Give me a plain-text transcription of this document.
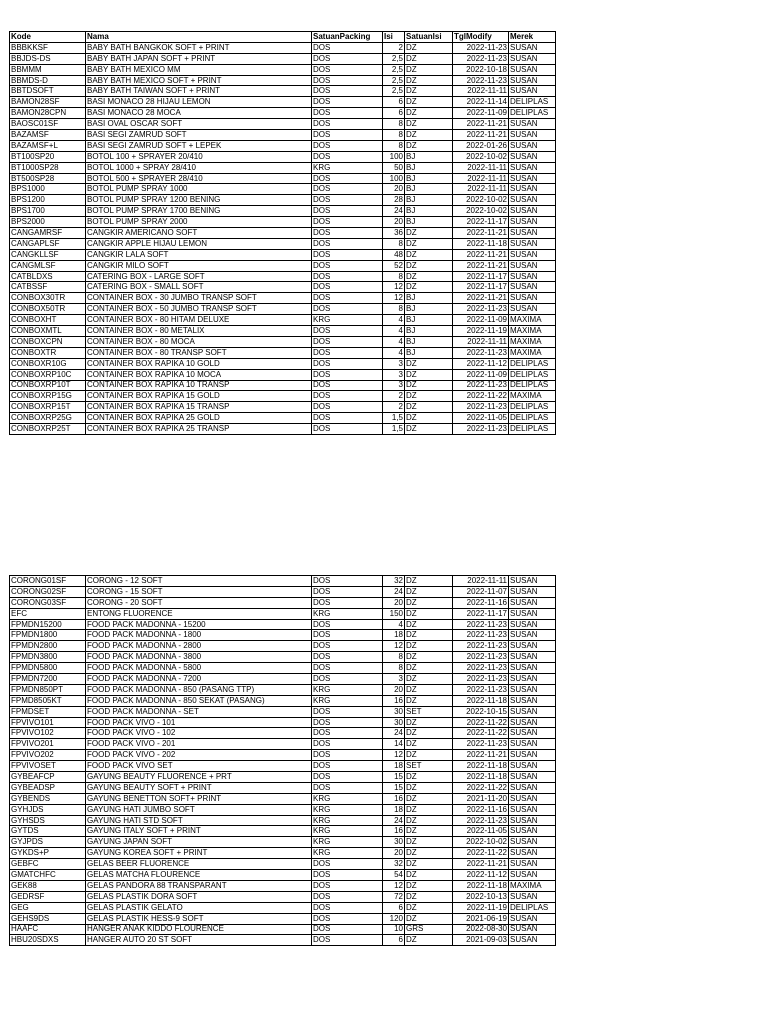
Kode	Nama	SatuanPacking	Isi	SatuanIsi	TglModify	Merek
BBBKKSF	BABY BATH BANGKOK SOFT + PRINT	DOS	2	DZ	2022-11-23	SUSAN
BBJDS-DS	BABY BATH JAPAN SOFT + PRINT	DOS	2,5	DZ	2022-11-23	SUSAN
BBMMM	BABY BATH MEXICO MM	DOS	2,5	DZ	2022-10-18	SUSAN
BBMDS-D	BABY BATH MEXICO SOFT + PRINT	DOS	2,5	DZ	2022-11-23	SUSAN
BBTDSOFT	BABY BATH TAIWAN SOFT + PRINT	DOS	2,5	DZ	2022-11-11	SUSAN
BAMON28SF	BASI MONACO 28 HIJAU LEMON	DOS	6	DZ	2022-11-14	DELIPLAS
BAMON28CPN	BASI MONACO 28 MOCA	DOS	6	DZ	2022-11-09	DELIPLAS
BAOSC01SF	BASI OVAL OSCAR SOFT	DOS	8	DZ	2022-11-21	SUSAN
BAZAMSF	BASI SEGI ZAMRUD SOFT	DOS	8	DZ	2022-11-21	SUSAN
BAZAMSF+L	BASI SEGI ZAMRUD SOFT + LEPEK	DOS	8	DZ	2022-01-26	SUSAN
BT100SP20	BOTOL 100 + SPRAYER 20/410	DOS	100	BJ	2022-10-02	SUSAN
BT1000SP28	BOTOL 1000 + SPRAY 28/410	KRG	50	BJ	2022-11-11	SUSAN
BT500SP28	BOTOL 500 + SPRAYER 28/410	DOS	100	BJ	2022-11-11	SUSAN
BPS1000	BOTOL PUMP SPRAY 1000	DOS	20	BJ	2022-11-11	SUSAN
BPS1200	BOTOL PUMP SPRAY 1200 BENING	DOS	28	BJ	2022-10-02	SUSAN
BPS1700	BOTOL PUMP SPRAY 1700 BENING	DOS	24	BJ	2022-10-02	SUSAN
BPS2000	BOTOL PUMP SPRAY 2000	DOS	20	BJ	2022-11-17	SUSAN
CANGAMRSF	CANGKIR AMERICANO SOFT	DOS	36	DZ	2022-11-21	SUSAN
CANGAPLSF	CANGKIR APPLE HIJAU LEMON	DOS	8	DZ	2022-11-18	SUSAN
CANGKLLSF	CANGKIR LALA SOFT	DOS	48	DZ	2022-11-21	SUSAN
CANGMLSF	CANGKIR MILO SOFT	DOS	52	DZ	2022-11-21	SUSAN
CATBLDXS	CATERING BOX - LARGE SOFT	DOS	8	DZ	2022-11-17	SUSAN
CATBSSF	CATERING BOX - SMALL SOFT	DOS	12	DZ	2022-11-17	SUSAN
CONBOX30TR	CONTAINER BOX - 30 JUMBO TRANSP SOFT	DOS	12	BJ	2022-11-21	SUSAN
CONBOX50TR	CONTAINER BOX - 50 JUMBO TRANSP SOFT	DOS	8	BJ	2022-11-23	SUSAN
CONBOXHT	CONTAINER BOX - 80 HITAM DELUXE	KRG	4	BJ	2022-11-09	MAXIMA
CONBOXMTL	CONTAINER BOX - 80 METALIX	DOS	4	BJ	2022-11-19	MAXIMA
CONBOXCPN	CONTAINER BOX - 80 MOCA	DOS	4	BJ	2022-11-11	MAXIMA
CONBOXTR	CONTAINER BOX - 80 TRANSP SOFT	DOS	4	BJ	2022-11-23	MAXIMA
CONBOXR10G	CONTAINER BOX RAPIKA 10 GOLD	DOS	3	DZ	2022-11-12	DELIPLAS
CONBOXRP10C	CONTAINER BOX RAPIKA 10 MOCA	DOS	3	DZ	2022-11-09	DELIPLAS
CONBOXRP10T	CONTAINER BOX RAPIKA 10 TRANSP	DOS	3	DZ	2022-11-23	DELIPLAS
CONBOXRP15G	CONTAINER BOX RAPIKA 15 GOLD	DOS	2	DZ	2022-11-22	MAXIMA
CONBOXRP15T	CONTAINER BOX RAPIKA 15 TRANSP	DOS	2	DZ	2022-11-23	DELIPLAS
CONBOXRP25G	CONTAINER BOX RAPIKA 25 GOLD	DOS	1,5	DZ	2022-11-05	DELIPLAS
CONBOXRP25T	CONTAINER BOX RAPIKA 25 TRANSP	DOS	1,5	DZ	2022-11-23	DELIPLAS
CORONG01SF	CORONG - 12 SOFT	DOS	32	DZ	2022-11-11	SUSAN
CORONG02SF	CORONG - 15 SOFT	DOS	24	DZ	2022-11-07	SUSAN
CORONG03SF	CORONG - 20 SOFT	DOS	20	DZ	2022-11-16	SUSAN
EFC	ENTONG FLUORENCE	KRG	150	DZ	2022-11-17	SUSAN
FPMDN15200	FOOD PACK MADONNA - 15200	DOS	4	DZ	2022-11-23	SUSAN
FPMDN1800	FOOD PACK MADONNA - 1800	DOS	18	DZ	2022-11-23	SUSAN
FPMDN2800	FOOD PACK MADONNA - 2800	DOS	12	DZ	2022-11-23	SUSAN
FPMDN3800	FOOD PACK MADONNA - 3800	DOS	8	DZ	2022-11-23	SUSAN
FPMDN5800	FOOD PACK MADONNA - 5800	DOS	8	DZ	2022-11-23	SUSAN
FPMDN7200	FOOD PACK MADONNA - 7200	DOS	3	DZ	2022-11-23	SUSAN
FPMDN850PT	FOOD PACK MADONNA - 850 (PASANG TTP)	KRG	20	DZ	2022-11-23	SUSAN
FPMD8505KT	FOOD PACK MADONNA - 850 SEKAT (PASANG)	KRG	16	DZ	2022-11-18	SUSAN
FPMDSET	FOOD PACK MADONNA - SET	DOS	30	SET	2022-10-15	SUSAN
FPVIVO101	FOOD PACK VIVO - 101	DOS	30	DZ	2022-11-22	SUSAN
FPVIVO102	FOOD PACK VIVO - 102	DOS	24	DZ	2022-11-22	SUSAN
FPVIVO201	FOOD PACK VIVO - 201	DOS	14	DZ	2022-11-23	SUSAN
FPVIVO202	FOOD PACK VIVO - 202	DOS	12	DZ	2022-11-21	SUSAN
FPVIVOSET	FOOD PACK VIVO SET	DOS	18	SET	2022-11-18	SUSAN
GYBEAFCP	GAYUNG BEAUTY FLUORENCE + PRT	DOS	15	DZ	2022-11-18	SUSAN
GYBEADSP	GAYUNG BEAUTY SOFT + PRINT	DOS	15	DZ	2022-11-22	SUSAN
GYBENDS	GAYUNG BENETTON SOFT+ PRINT	KRG	16	DZ	2021-11-20	SUSAN
GYHJDS	GAYUNG HATI JUMBO SOFT	KRG	18	DZ	2022-11-16	SUSAN
GYHSDS	GAYUNG HATI STD SOFT	KRG	24	DZ	2022-11-23	SUSAN
GYTDS	GAYUNG ITALY SOFT + PRINT	KRG	16	DZ	2022-11-05	SUSAN
GYJPDS	GAYUNG JAPAN SOFT	KRG	30	DZ	2022-10-02	SUSAN
GYKDS+P	GAYUNG KOREA SOFT + PRINT	KRG	20	DZ	2022-11-22	SUSAN
GEBFC	GELAS BEER FLUORENCE	DOS	32	DZ	2022-11-21	SUSAN
GMATCHFC	GELAS MATCHA FLOURENCE	DOS	54	DZ	2022-11-12	SUSAN
GEK88	GELAS PANDORA 88 TRANSPARANT	DOS	12	DZ	2022-11-18	MAXIMA
GEDRSF	GELAS PLASTIK DORA SOFT	DOS	72	DZ	2022-10-13	SUSAN
GEG	GELAS PLASTIK GELATO	DOS	6	DZ	2022-11-19	DELIPLAS
GEHS9DS	GELAS PLASTIK HESS-9 SOFT	DOS	120	DZ	2021-06-19	SUSAN
HAAFC	HANGER ANAK KIDDO FLOURENCE	DOS	10	GRS	2022-08-30	SUSAN
HBU20SDXS	HANGER AUTO 20 ST SOFT	DOS	6	DZ	2021-09-03	SUSAN
